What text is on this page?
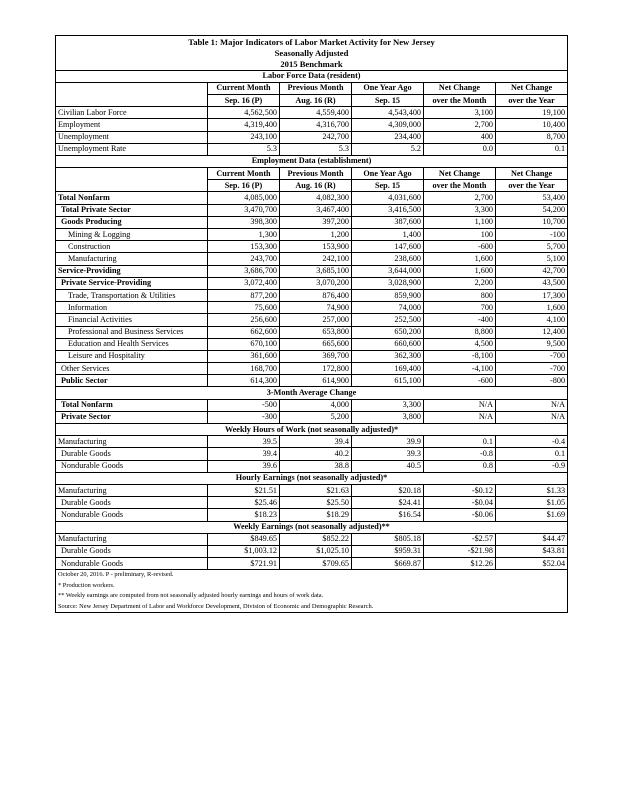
Table 1: Major Indicators of Labor Market Activity for New Jersey					
Seasonally Adjusted					
2015 Benchmark					
Labor Force Data (resident)					
	Current Month	Previous Month	One Year Ago	Net Change	Net Change
	Sep. 16 (P)	Aug. 16 (R)	Sep. 15	over the Month	over the Year
Civilian Labor Force	4,562,500	4,559,400	4,543,400	3,100	19,100
Employment	4,319,400	4,316,700	4,309,000	2,700	10,400
Unemployment	243,100	242,700	234,400	400	8,700
Unemployment Rate	5.3	5.3	5.2	0.0	0.1
Employment Data (establishment)					
	Current Month	Previous Month	One Year Ago	Net Change	Net Change
	Sep. 16 (P)	Aug. 16 (R)	Sep. 15	over the Month	over the Year
Total Nonfarm	4,085,000	4,082,300	4,031,600	2,700	53,400
Total Private Sector	3,470,700	3,467,400	3,416,500	3,300	54,200
Goods Producing	398,300	397,200	387,600	1,100	10,700
Mining & Logging	1,300	1,200	1,400	100	-100
Construction	153,300	153,900	147,600	-600	5,700
Manufacturing	243,700	242,100	238,600	1,600	5,100
Service-Providing	3,686,700	3,685,100	3,644,000	1,600	42,700
Private Service-Providing	3,072,400	3,070,200	3,028,900	2,200	43,500
Trade, Transportation & Utilities	877,200	876,400	859,900	800	17,300
Information	75,600	74,900	74,000	700	1,600
Financial Activities	256,600	257,000	252,500	-400	4,100
Professional and Business Services	662,600	653,800	650,200	8,800	12,400
Education and Health Services	670,100	665,600	660,600	4,500	9,500
Leisure and Hospitality	361,600	369,700	362,300	-8,100	-700
Other Services	168,700	172,800	169,400	-4,100	-700
Public Sector	614,300	614,900	615,100	-600	-800
3-Month Average Change					
Total Nonfarm	-500	4,000	3,300	N/A	N/A
Private Sector	-300	5,200	3,800	N/A	N/A
Weekly Hours of Work (not seasonally adjusted)*					
Manufacturing	39.5	39.4	39.9	0.1	-0.4
Durable Goods	39.4	40.2	39.3	-0.8	0.1
Nondurable Goods	39.6	38.8	40.5	0.8	-0.9
Hourly Earnings (not seasonally adjusted)*					
Manufacturing	$21.51	$21.63	$20.18	-$0.12	$1.33
Durable Goods	$25.46	$25.50	$24.41	-$0.04	$1.05
Nondurable Goods	$18.23	$18.29	$16.54	-$0.06	$1.69
Weekly Earnings (not seasonally adjusted)**					
Manufacturing	$849.65	$852.22	$805.18	-$2.57	$44.47
Durable Goods	$1,003.12	$1,025.10	$959.31	-$21.98	$43.81
Nondurable Goods	$721.91	$709.65	$669.87	$12.26	$52.04
October 20, 2016. P - preliminary, R-revised.					
* Production workers.					
** Weekly earnings are computed from not seasonally adjusted hourly earnings and hours of work data.					
Source: New Jersey Department of Labor and Workforce Development, Division of Economic and Demographic Research.					
